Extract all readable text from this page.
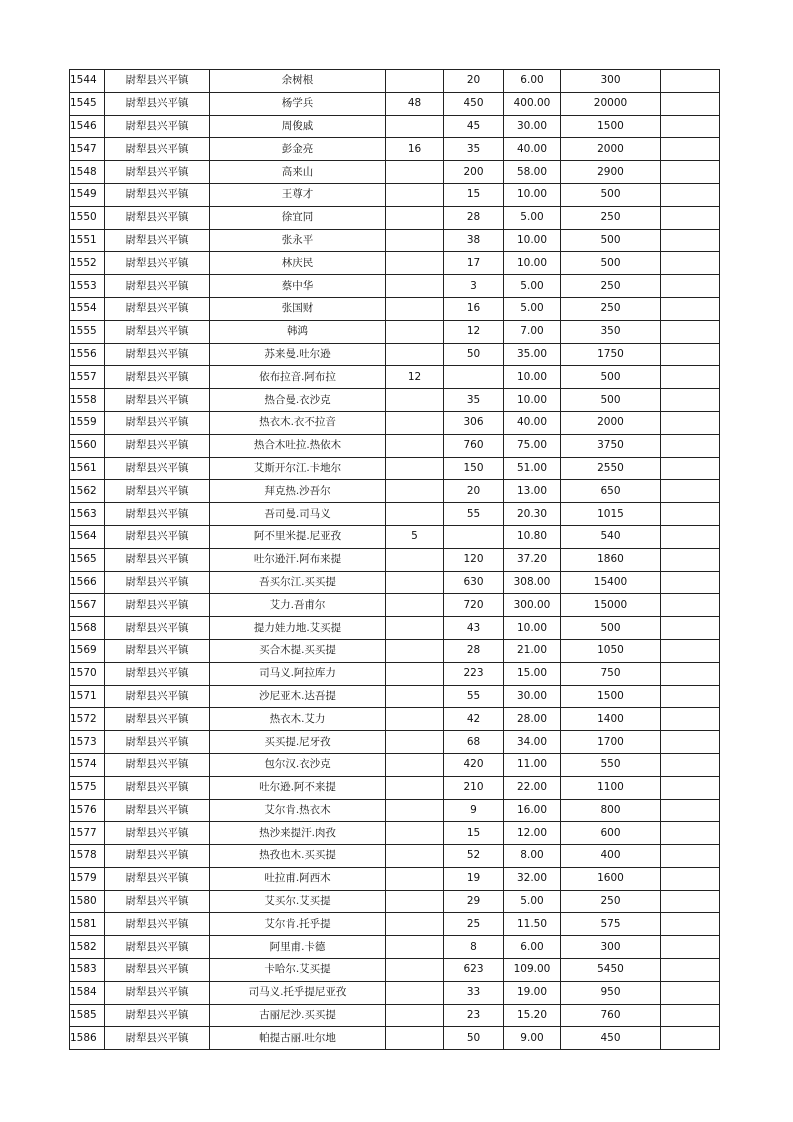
1544	尉犁县兴平镇	余树根		20	6.00	300	
1545	尉犁县兴平镇	杨学兵	48	450	400.00	20000	
1546	尉犁县兴平镇	周俊戚		45	30.00	1500	
1547	尉犁县兴平镇	彭金亮	16	35	40.00	2000	
1548	尉犁县兴平镇	高来山		200	58.00	2900	
1549	尉犁县兴平镇	王尊才		15	10.00	500	
1550	尉犁县兴平镇	徐宜同		28	5.00	250	
1551	尉犁县兴平镇	张永平		38	10.00	500	
1552	尉犁县兴平镇	林庆民		17	10.00	500	
1553	尉犁县兴平镇	蔡中华		3	5.00	250	
1554	尉犁县兴平镇	张国财		16	5.00	250	
1555	尉犁县兴平镇	韩鸿		12	7.00	350	
1556	尉犁县兴平镇	苏来曼.吐尔逊		50	35.00	1750	
1557	尉犁县兴平镇	依布拉音.阿布拉	12		10.00	500	
1558	尉犁县兴平镇	热合曼.衣沙克		35	10.00	500	
1559	尉犁县兴平镇	热衣木.衣不拉音		306	40.00	2000	
1560	尉犁县兴平镇	热合木吐拉.热依木		760	75.00	3750	
1561	尉犁县兴平镇	艾斯开尔江.卡地尔		150	51.00	2550	
1562	尉犁县兴平镇	拜克热.沙吾尔		20	13.00	650	
1563	尉犁县兴平镇	吾司曼.司马义		55	20.30	1015	
1564	尉犁县兴平镇	阿不里米提.尼亚孜	5		10.80	540	
1565	尉犁县兴平镇	吐尔逊汗.阿布来提		120	37.20	1860	
1566	尉犁县兴平镇	吾买尔江.买买提		630	308.00	15400	
1567	尉犁县兴平镇	艾力.吾甫尔		720	300.00	15000	
1568	尉犁县兴平镇	提力娃力地.艾买提		43	10.00	500	
1569	尉犁县兴平镇	买合木提.买买提		28	21.00	1050	
1570	尉犁县兴平镇	司马义.阿拉库力		223	15.00	750	
1571	尉犁县兴平镇	沙尼亚木.达吾提		55	30.00	1500	
1572	尉犁县兴平镇	热衣木.艾力		42	28.00	1400	
1573	尉犁县兴平镇	买买提.尼牙孜		68	34.00	1700	
1574	尉犁县兴平镇	包尔汉.衣沙克		420	11.00	550	
1575	尉犁县兴平镇	吐尔逊.阿不来提		210	22.00	1100	
1576	尉犁县兴平镇	艾尔肯.热衣木		9	16.00	800	
1577	尉犁县兴平镇	热沙来提汗.肉孜		15	12.00	600	
1578	尉犁县兴平镇	热孜也木.买买提		52	8.00	400	
1579	尉犁县兴平镇	吐拉甫.阿西木		19	32.00	1600	
1580	尉犁县兴平镇	艾买尔.艾买提		29	5.00	250	
1581	尉犁县兴平镇	艾尔肯.托乎提		25	11.50	575	
1582	尉犁县兴平镇	阿里甫.卡德		8	6.00	300	
1583	尉犁县兴平镇	卡哈尔.艾买提		623	109.00	5450	
1584	尉犁县兴平镇	司马义.托乎提尼亚孜		33	19.00	950	
1585	尉犁县兴平镇	古丽尼沙.买买提		23	15.20	760	
1586	尉犁县兴平镇	帕提古丽.吐尔地		50	9.00	450	
